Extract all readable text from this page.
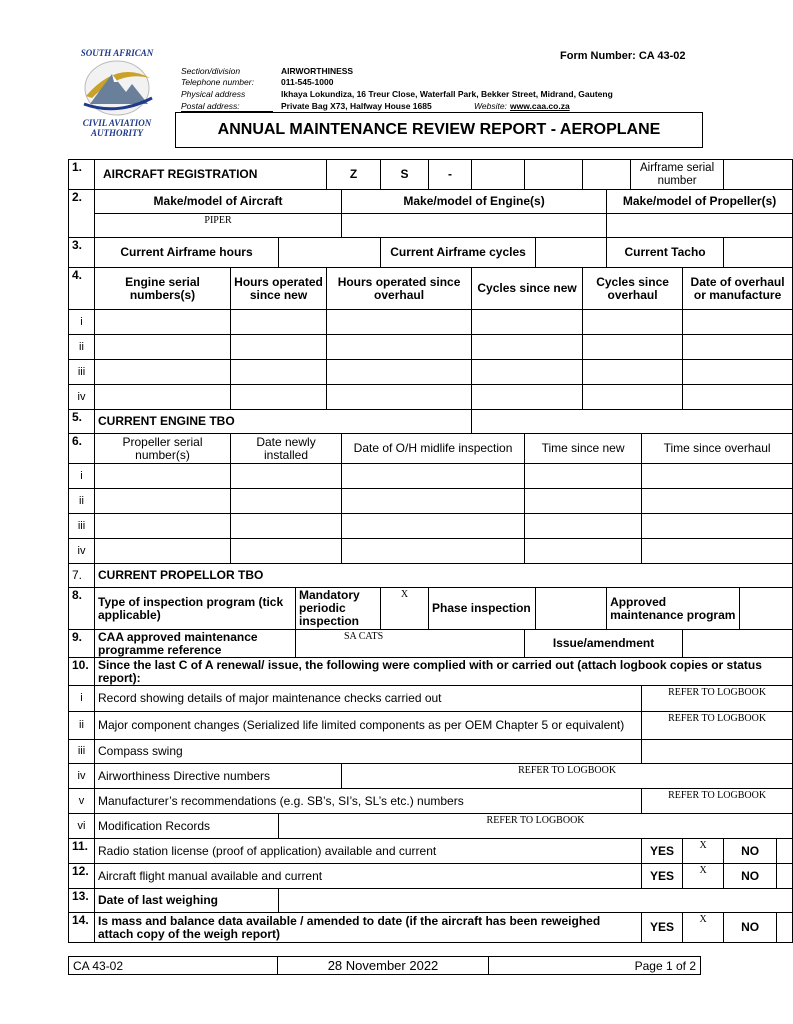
SOUTH AFRICAN
CIVIL AVIATION
AUTHORITY
Form Number: CA 43-02
Section/division	AIRWORTHINESS
Telephone number:	011-545-1000
Physical address	Ikhaya Lokundiza, 16 Treur Close, Waterfall Park, Bekker Street, Midrand, Gauteng
Postal address:	Private Bag X73, Halfway House 1685	Website: www.caa.co.za
ANNUAL MAINTENANCE REVIEW REPORT - AEROPLANE
1.	AIRCRAFT REGISTRATION				Z		S	-						Airframe serial number					
2.	Make/model of Aircraft					Make/model of Engine(s)							Make/model of Propeller(s)						
	PIPER																		
3.	Current Airframe hours						Current Airframe cycles						Current Tacho						
4.	Engine serial numbers(s)	Hours operated since new			Hours operated since overhaul				Cycles since new			Cycles since overhaul				Date of overhaul or manufacture			
i																			
ii																			
iii																			
iv																			
5.	CURRENT ENGINE TBO																		
6.	Propeller serial number(s)	Date newly installed				Date of O/H midlife inspection				Time since new					Time since overhaul				
i																			
ii																			
iii																			
iv																			
7.	CURRENT PROPELLOR TBO																		
8.	Type of inspection program (tick applicable)			Mandatory periodic inspection			X	Phase inspection					Approved maintenance program						
9.	CAA approved maintenance programme reference			SA CATS						Issue/amendment									
10.	Since the last C of A renewal/ issue, the following were complied with or carried out (attach logbook copies or status report):																		
i	Record showing details of major maintenance checks carried out														REFER TO LOGBOOK				
ii	Major component changes (Serialized life limited components as per OEM Chapter 5 or equivalent)														REFER TO LOGBOOK				
iii	Compass swing																		
iv	Airworthiness Directive numbers					REFER TO LOGBOOK													
v	Manufacturer’s recommendations (e.g. SB’s, SI’s, SL’s etc.) numbers														REFER TO LOGBOOK				
vi	Modification Records		REFER TO LOGBOOK																
11.	Radio station license (proof of application) available and current														YES	X	NO		
12.	Aircraft flight manual available and current														YES	X	NO		
13.	Date of last weighing																		
14.	Is mass and balance data available / amended to date (if the aircraft has been reweighed attach copy of the weigh report)														YES	X	NO		
CA 43-02	28 November 2022	Page 1 of 2
